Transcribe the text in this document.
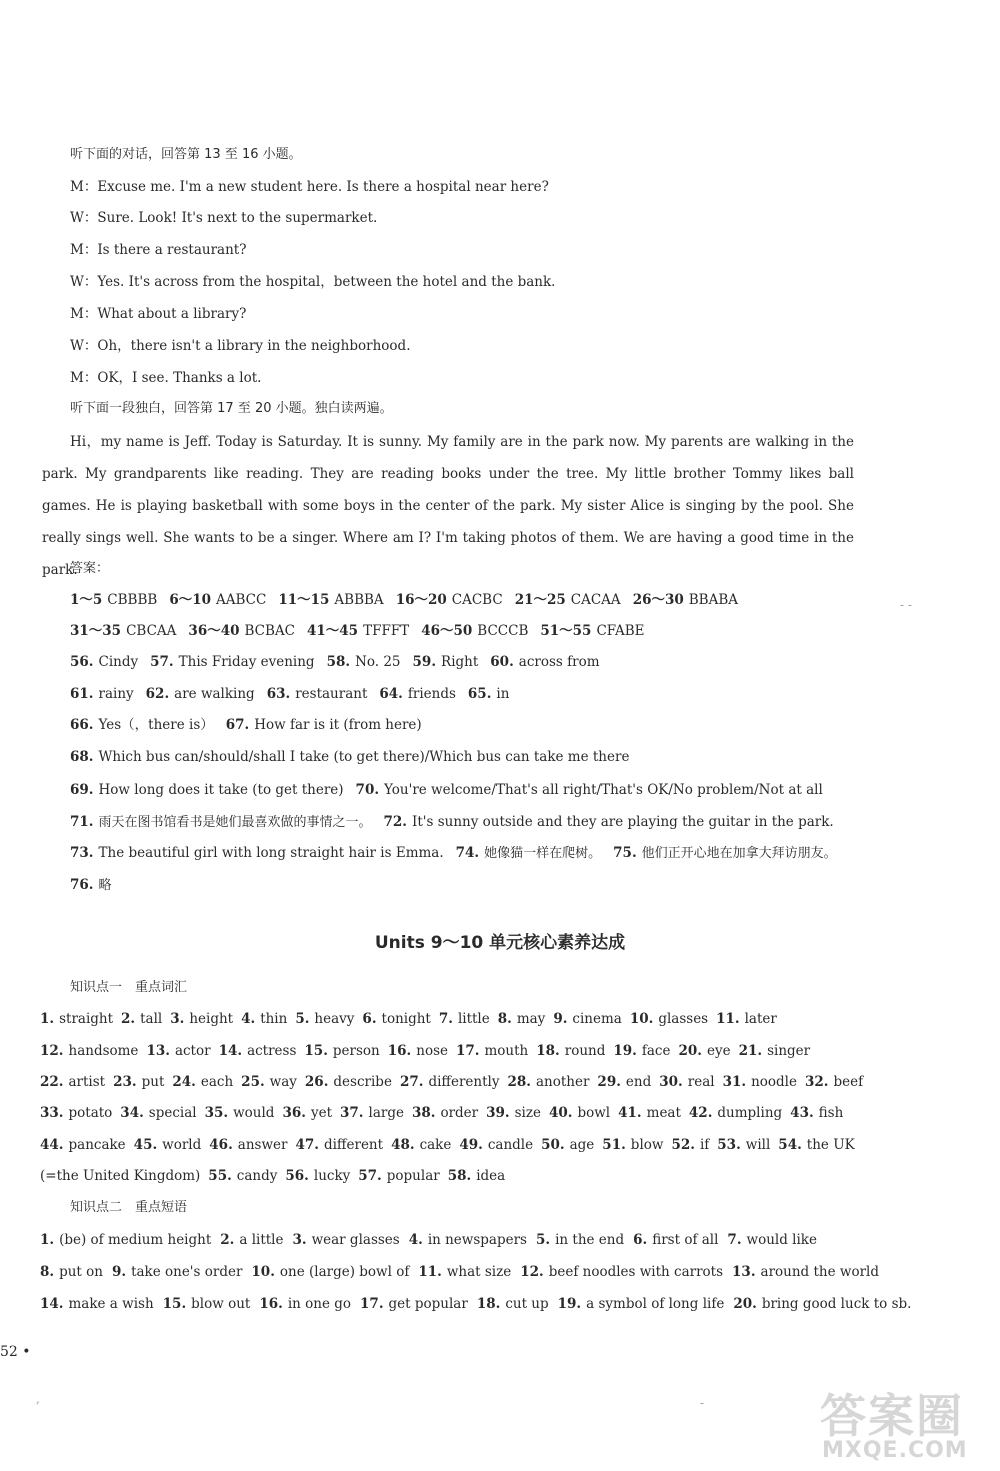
听下面的对话，回答第 13 至 16 小题。
M：Excuse me. I'm a new student here. Is there a hospital near here?
W：Sure. Look! It's next to the supermarket.
M：Is there a restaurant?
W：Yes. It's across from the hospital，between the hotel and the bank.
M：What about a library?
W：Oh，there isn't a library in the neighborhood.
M：OK，I see. Thanks a lot.
听下面一段独白，回答第 17 至 20 小题。独白读两遍。
Hi，my name is Jeff. Today is Saturday. It is sunny. My family are in the park now. My parents are walking in the park. My grandparents like reading. They are reading books under the tree. My little brother Tommy likes ball games. He is playing basketball with some boys in the center of the park. My sister Alice is singing by the pool. She really sings well. She wants to be a singer. Where am I? I'm taking photos of them. We are having a good time in the park.
答案：
1～5 CBBBB 6～10 AABCC 11～15 ABBBA 16～20 CACBC 21～25 CACAA 26～30 BBABA
31～35 CBCAA 36～40 BCBAC 41～45 TFFFT 46～50 BCCCB 51～55 CFABE
56. Cindy 57. This Friday evening 58. No. 25 59. Right 60. across from
61. rainy 62. are walking 63. restaurant 64. friends 65. in
66. Yes（，there is） 67. How far is it (from here)
68. Which bus can/should/shall I take (to get there)/Which bus can take me there
69. How long does it take (to get there) 70. You're welcome/That's all right/That's OK/No problem/Not at all
71. 雨天在图书馆看书是她们最喜欢做的事情之一。 72. It's sunny outside and they are playing the guitar in the park.
73. The beautiful girl with long straight hair is Emma. 74. 她像猫一样在爬树。 75. 他们正开心地在加拿大拜访朋友。
76. 略
Units 9～10 单元核心素养达成
知识点一　重点词汇
1. straight 2. tall 3. height 4. thin 5. heavy 6. tonight 7. little 8. may 9. cinema 10. glasses 11. later
12. handsome 13. actor 14. actress 15. person 16. nose 17. mouth 18. round 19. face 20. eye 21. singer
22. artist 23. put 24. each 25. way 26. describe 27. differently 28. another 29. end 30. real 31. noodle 32. beef
33. potato 34. special 35. would 36. yet 37. large 38. order 39. size 40. bowl 41. meat 42. dumpling 43. fish
44. pancake 45. world 46. answer 47. different 48. cake 49. candle 50. age 51. blow 52. if 53. will 54. the UK
(=the United Kingdom) 55. candy 56. lucky 57. popular 58. idea
知识点二　重点短语
1. (be) of medium height 2. a little 3. wear glasses 4. in newspapers 5. in the end 6. first of all 7. would like
8. put on 9. take one's order 10. one (large) bowl of 11. what size 12. beef noodles with carrots 13. around the world
14. make a wish 15. blow out 16. in one go 17. get popular 18. cut up 19. a symbol of long life 20. bring good luck to sb.
52 •
- -
,	-	答案圈
MXQE.COM
